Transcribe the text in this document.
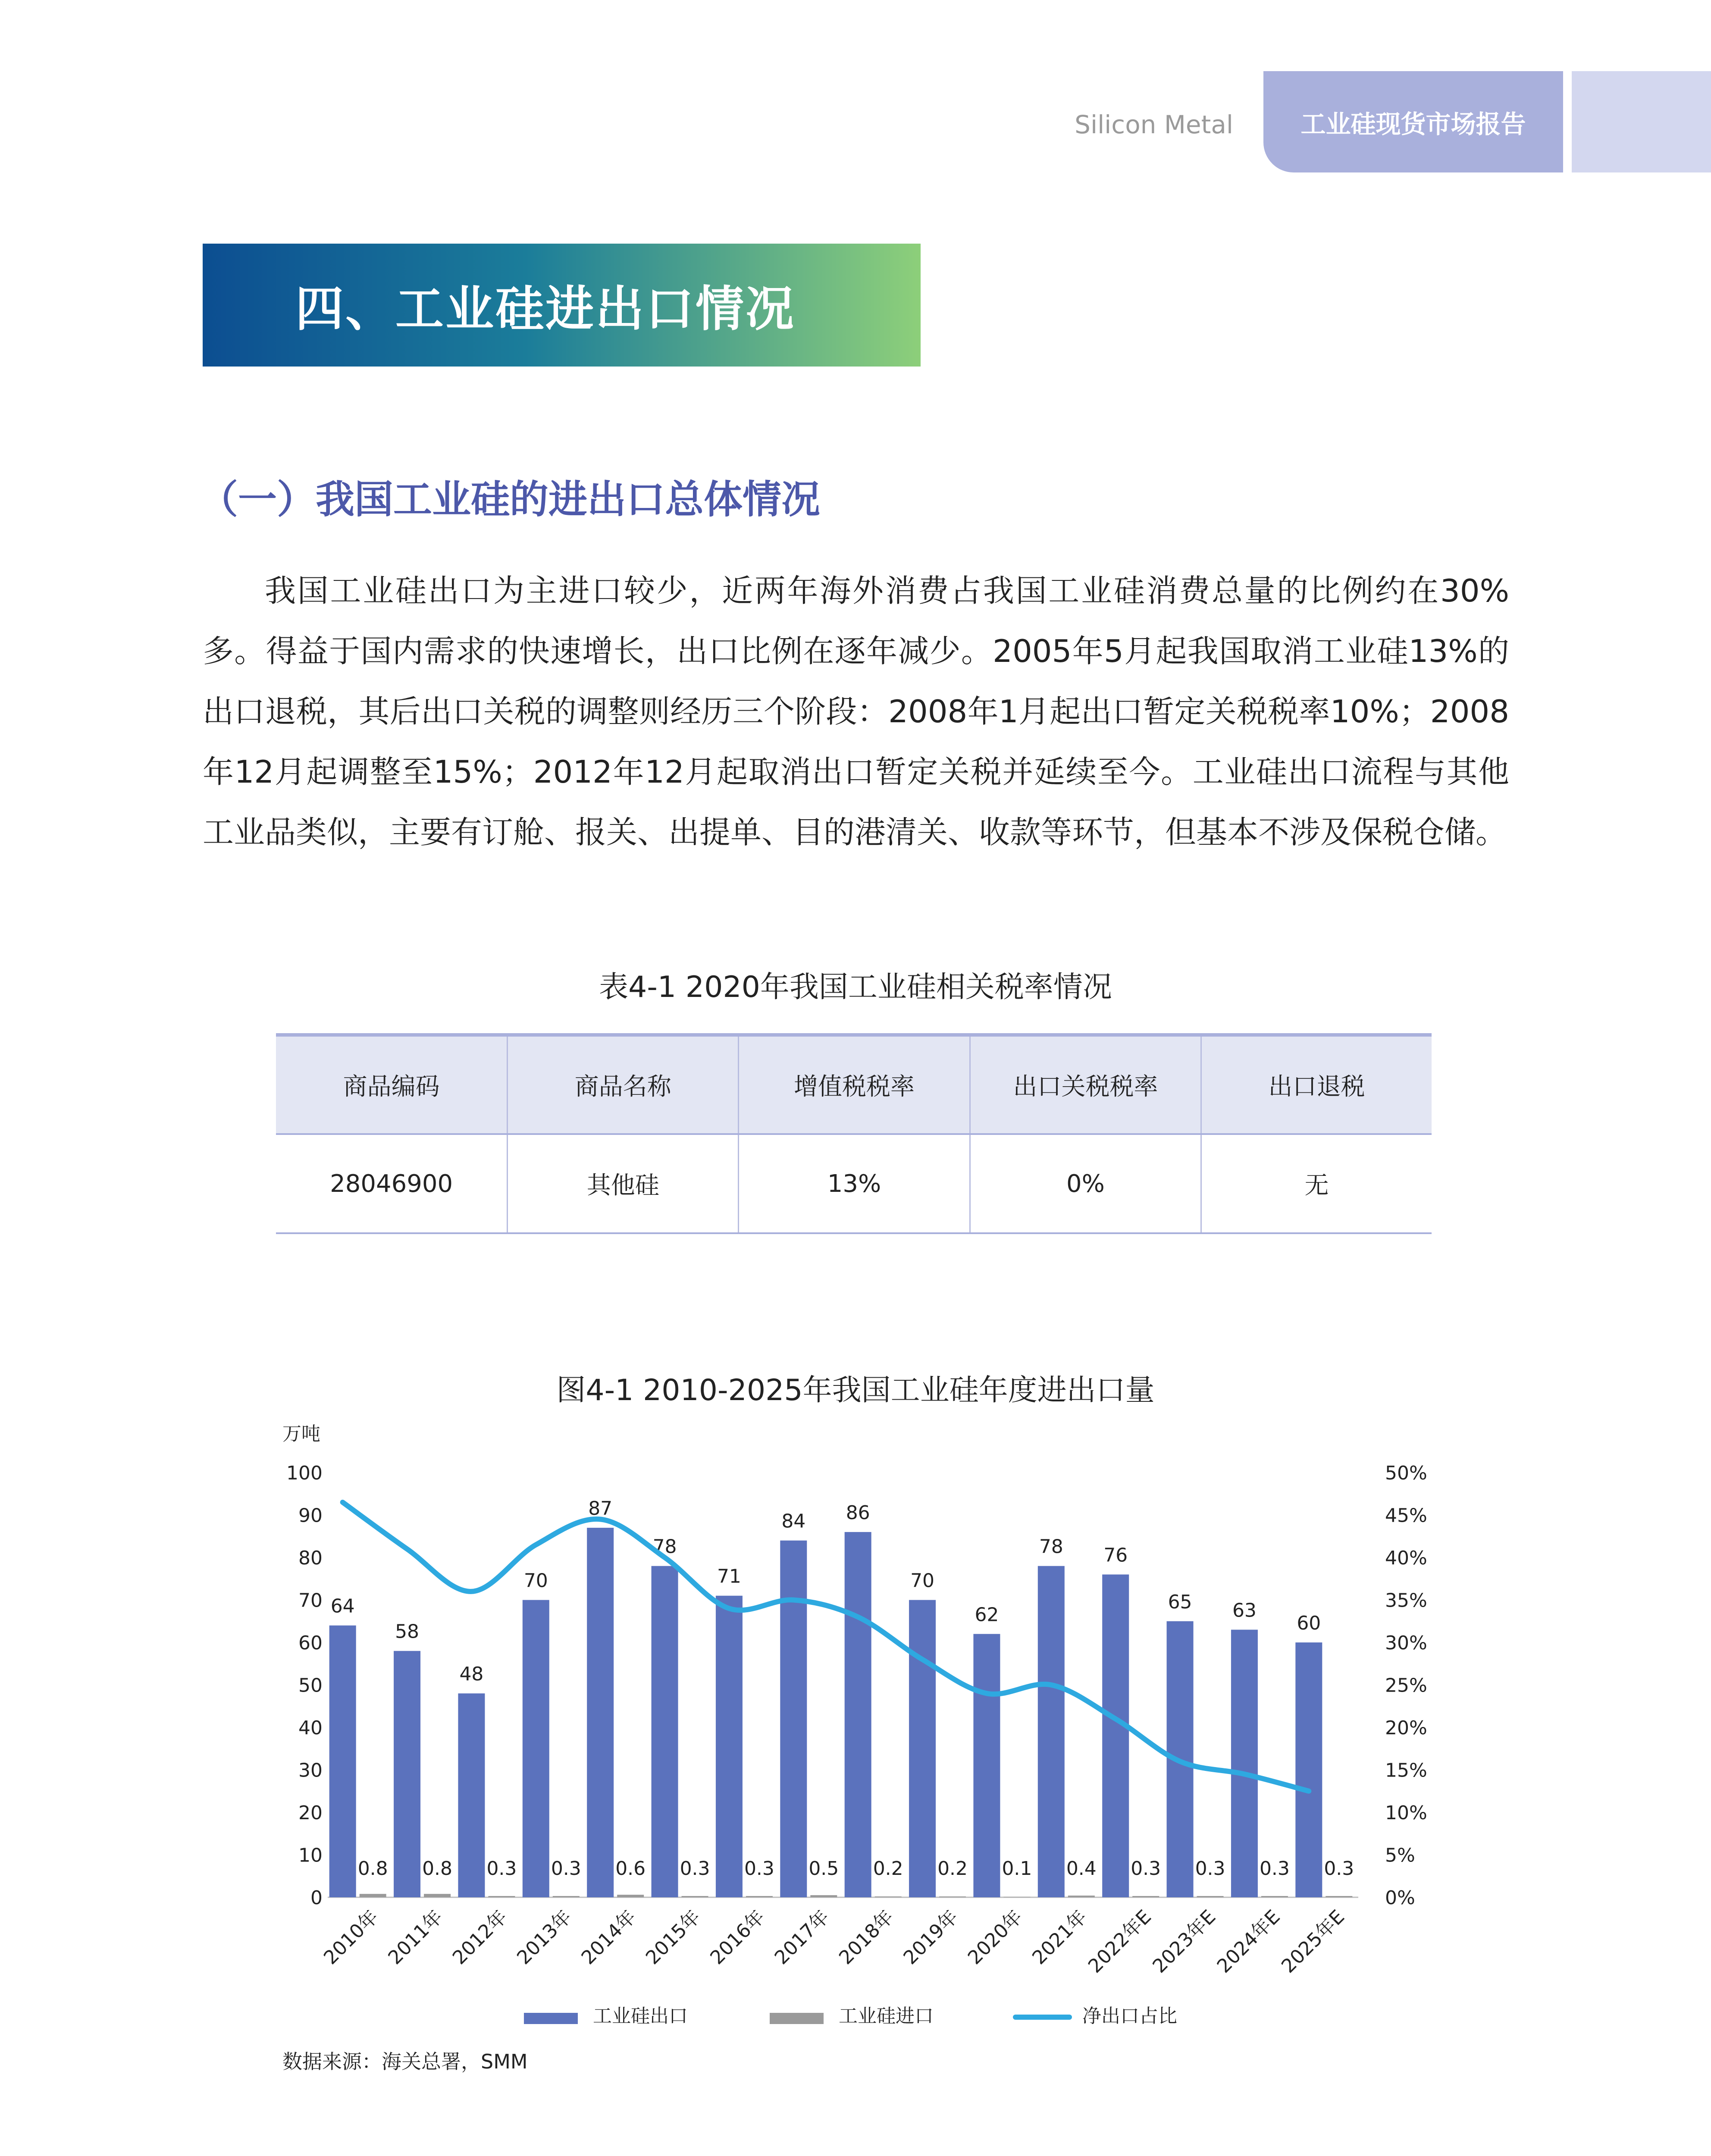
Silicon Metal	工业硅现货市场报告
四、工业硅进出口情况
（一）我国工业硅的进出口总体情况

我国工业硅出口为主进口较少，近两年海外消费占我国工业硅消费总量的比例约在30%多。得益于国内需求的快速增长，出口比例在逐年减少。2005年5月起我国取消工业硅13%的出口退税，其后出口关税的调整则经历三个阶段：2008年1月起出口暂定关税税率10%；2008年12月起调整至15%；2012年12月起取消出口暂定关税并延续至今。工业硅出口流程与其他工业品类似，主要有订舱、报关、出提单、目的港清关、收款等环节，但基本不涉及保税仓储。

表4-1 2020年我国工业硅相关税率情况
商品编码	商品名称	增值税税率	出口关税税率	出口退税
28046900	其他硅	13%	0%	无
图4-1 2010-2025年我国工业硅年度进出口量
万吨
0
10
20
30
40
50
60
70
80
90
100
0%
5%
10%
15%
20%
25%
30%
35%
40%
45%
50%
64
0.8
2010年
58
0.8
2011年
48
0.3
2012年
70
0.3
2013年
87
0.6
2014年
78
0.3
2015年
71
0.3
2016年
84
0.5
2017年
86
0.2
2018年
70
0.2
2019年
62
0.1
2020年
78
0.4
2021年
76
0.3
2022年E
65
0.3
2023年E
63
0.3
2024年E
60
0.3
2025年E
工业硅出口	工业硅进口	净出口占比
数据来源：海关总署，SMM
